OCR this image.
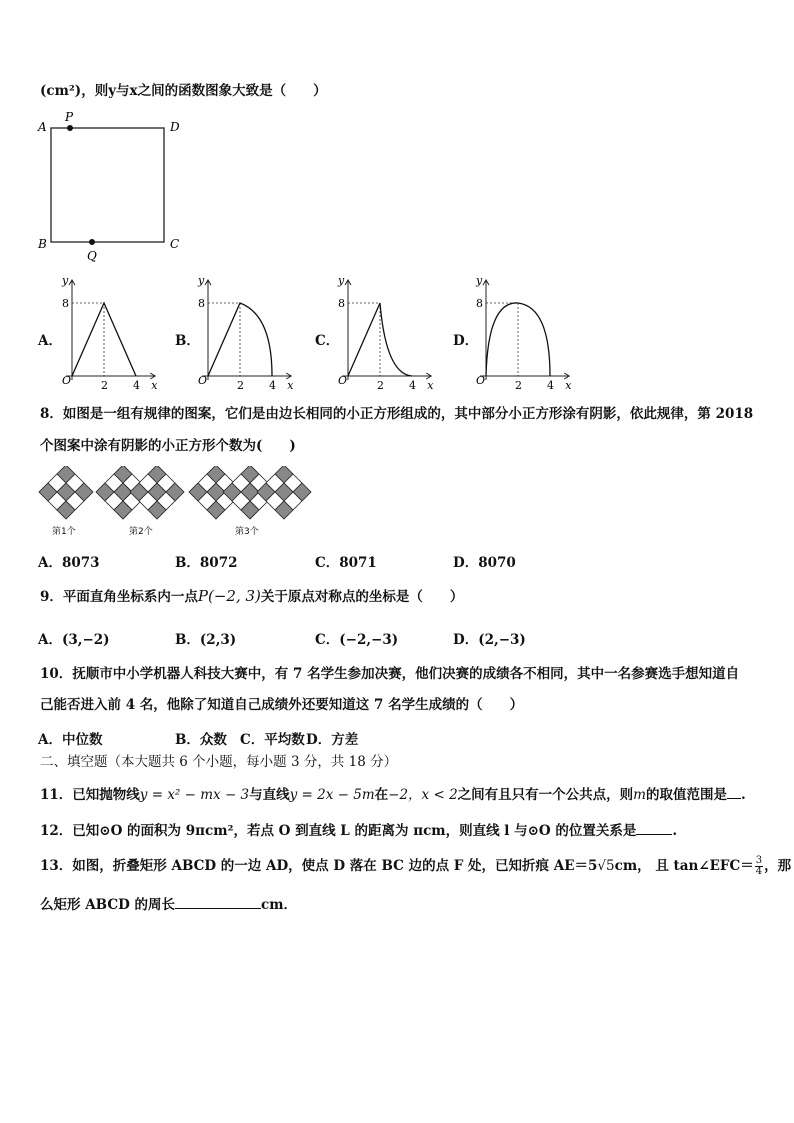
(cm²)，则y与x之间的函数图象大致是（　　）
A
P
D
B
Q
C
A．	B．	C．	D．
y
8
O	2 4 x
y
8
O	2 4 x
y
8
O	2 4 x
y
8
O	2 4 x
8．如图是一组有规律的图案，它们是由边长相同的小正方形组成的，其中部分小正方形涂有阴影，依此规律，第 2018
个图案中涂有阴影的小正方形个数为(　　)
第1个	第2个	第3个
A．8073	B．8072	C．8071	D．8070
9．平面直角坐标系内一点P(−2, 3)关于原点对称点的坐标是（　　）
A．(3,−2)	B．(2,3)	C．(−2,−3)	D．(2,−3)
10．抚顺市中小学机器人科技大赛中，有 7 名学生参加决赛，他们决赛的成绩各不相同，其中一名参赛选手想知道自
己能否进入前 4 名，他除了知道自己成绩外还要知道这 7 名学生成绩的（　　）
A．中位数	B．众数 C．平均数 D．方差
二、填空题（本大题共 6 个小题，每小题 3 分，共 18 分）
11．已知抛物线y = x² − mx − 3与直线y = 2x − 5m在−2，x < 2之间有且只有一个公共点，则m的取值范围是 .
12．已知⊙O 的面积为 9πcm²，若点 O 到直线 L 的距离为 πcm，则直线 l 与⊙O 的位置关系是	.
13．如图，折叠矩形 ABCD 的一边 AD，使点 D 落在 BC 边的点 F 处，已知折痕 AE＝5√5cm， 且 tan∠EFC＝ $\frac{3}{4}$ ，那
么矩形 ABCD 的周长	cm．
